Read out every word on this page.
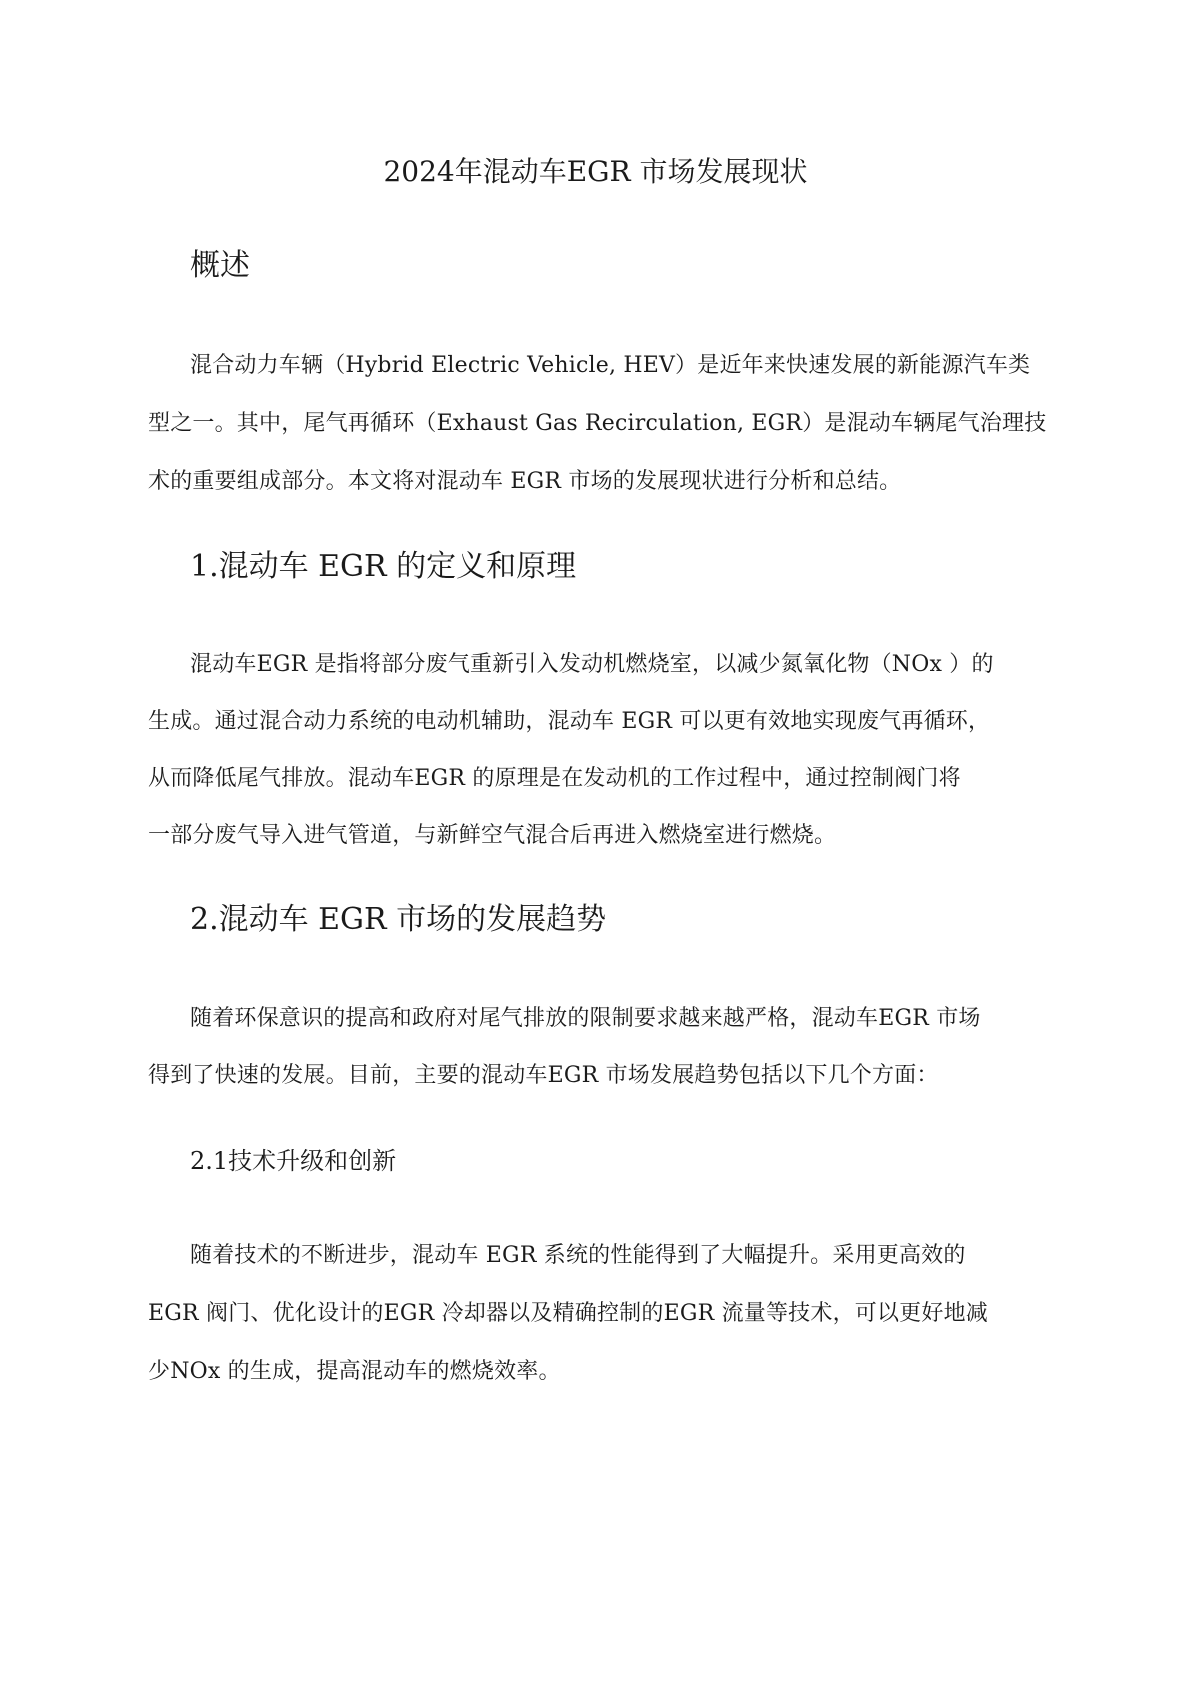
2024年混动车EGR 市场发展现状
概述
混合动力车辆（Hybrid Electric Vehicle, HEV）是近年来快速发展的新能源汽车类
型之一。其中，尾气再循环（Exhaust Gas Recirculation, EGR）是混动车辆尾气治理技
术的重要组成部分。本文将对混动车 EGR 市场的发展现状进行分析和总结。
1.混动车 EGR 的定义和原理
混动车EGR 是指将部分废气重新引入发动机燃烧室，以减少氮氧化物（NOx ）的
生成。通过混合动力系统的电动机辅助，混动车 EGR 可以更有效地实现废气再循环，
从而降低尾气排放。混动车EGR 的原理是在发动机的工作过程中，通过控制阀门将
一部分废气导入进气管道，与新鲜空气混合后再进入燃烧室进行燃烧。
2.混动车 EGR 市场的发展趋势
随着环保意识的提高和政府对尾气排放的限制要求越来越严格，混动车EGR 市场
得到了快速的发展。目前，主要的混动车EGR 市场发展趋势包括以下几个方面：
2.1技术升级和创新
随着技术的不断进步，混动车 EGR 系统的性能得到了大幅提升。采用更高效的
EGR 阀门、优化设计的EGR 冷却器以及精确控制的EGR 流量等技术，可以更好地减
少NOx 的生成，提高混动车的燃烧效率。
